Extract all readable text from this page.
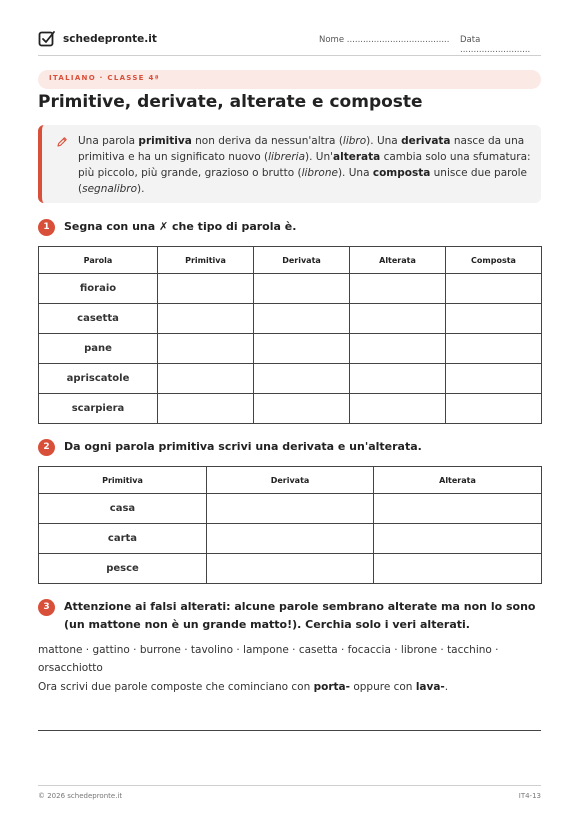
schedepronte.it	Nome ...................................... Data ..........................
ITALIANO · CLASSE 4ª
Primitive, derivate, alterate e composte
Una parola primitiva non deriva da nessun'altra (libro). Una derivata nasce da una primitiva e ha un significato nuovo (libreria). Un'alterata cambia solo una sfumatura: più piccolo, più grande, grazioso o brutto (librone). Una composta unisce due parole (segnalibro).
1	Segna con una ✗ che tipo di parola è.
Parola	Primitiva	Derivata	Alterata	Composta
fioraio				
casetta				
pane				
apriscatole				
scarpiera				
2	Da ogni parola primitiva scrivi una derivata e un'alterata.
Primitiva	Derivata	Alterata
casa		
carta		
pesce		
3	Attenzione ai falsi alterati: alcune parole sembrano alterate ma non lo sono (un mattone non è un grande matto!). Cerchia solo i veri alterati.
mattone · gattino · burrone · tavolino · lampone · casetta · focaccia · librone · tacchino · orsacchiotto
Ora scrivi due parole composte che cominciano con porta- oppure con lava-.
© 2026 schedepronte.it	IT4-13
